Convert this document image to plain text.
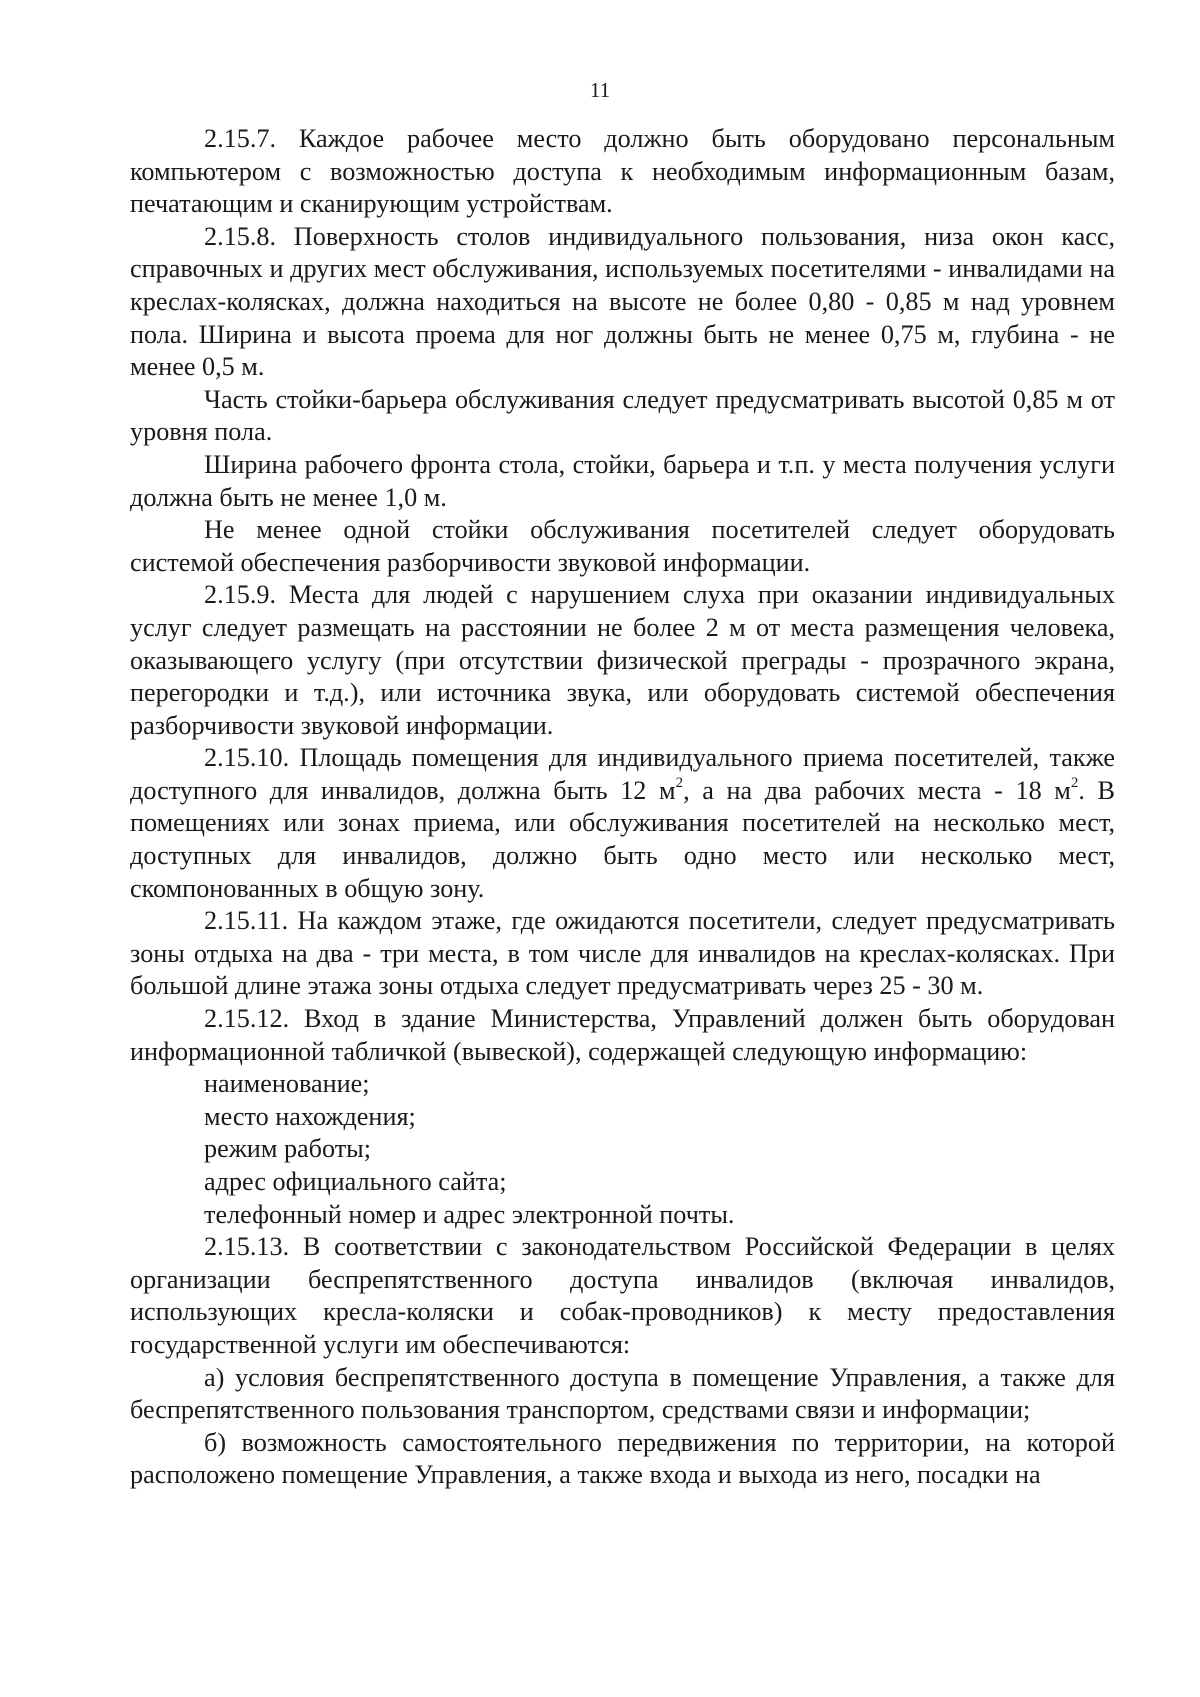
11

2.15.7. Каждое рабочее место должно быть оборудовано персональным компьютером с возможностью доступа к необходимым информационным базам, печатающим и сканирующим устройствам.

2.15.8. Поверхность столов индивидуального пользования, низа окон касс, справочных и других мест обслуживания, используемых посетителями - инвалидами на креслах-колясках, должна находиться на высоте не более 0,80 - 0,85 м над уровнем пола. Ширина и высота проема для ног должны быть не менее 0,75 м, глубина - не менее 0,5 м.

Часть стойки-барьера обслуживания следует предусматривать высотой 0,85 м от уровня пола.

Ширина рабочего фронта стола, стойки, барьера и т.п. у места получения услуги должна быть не менее 1,0 м.

Не менее одной стойки обслуживания посетителей следует оборудовать системой обеспечения разборчивости звуковой информации.

2.15.9. Места для людей с нарушением слуха при оказании индивидуальных услуг следует размещать на расстоянии не более 2 м от места размещения человека, оказывающего услугу (при отсутствии физической преграды - прозрачного экрана, перегородки и т.д.), или источника звука, или оборудовать системой обеспечения разборчивости звуковой информации.

2.15.10. Площадь помещения для индивидуального приема посетителей, также доступного для инвалидов, должна быть 12 $м^2$, а на два рабочих места - 18 $м^2$. В помещениях или зонах приема, или обслуживания посетителей на несколько мест, доступных для инвалидов, должно быть одно место или несколько мест, скомпонованных в общую зону.

2.15.11. На каждом этаже, где ожидаются посетители, следует предусматривать зоны отдыха на два - три места, в том числе для инвалидов на креслах-колясках. При большой длине этажа зоны отдыха следует предусматривать через 25 - 30 м.

2.15.12. Вход в здание Министерства, Управлений должен быть оборудован информационной табличкой (вывеской), содержащей следующую информацию:

наименование;

место нахождения;

режим работы;

адрес официального сайта;

телефонный номер и адрес электронной почты.

2.15.13. В соответствии с законодательством Российской Федерации в целях организации беспрепятственного доступа инвалидов (включая инвалидов, использующих кресла-коляски и собак-проводников) к месту предоставления государственной услуги им обеспечиваются:

а) условия беспрепятственного доступа в помещение Управления, а также для беспрепятственного пользования транспортом, средствами связи и информации;

б) возможность самостоятельного передвижения по территории, на которой расположено помещение Управления, а также входа и выхода из него, посадки на
